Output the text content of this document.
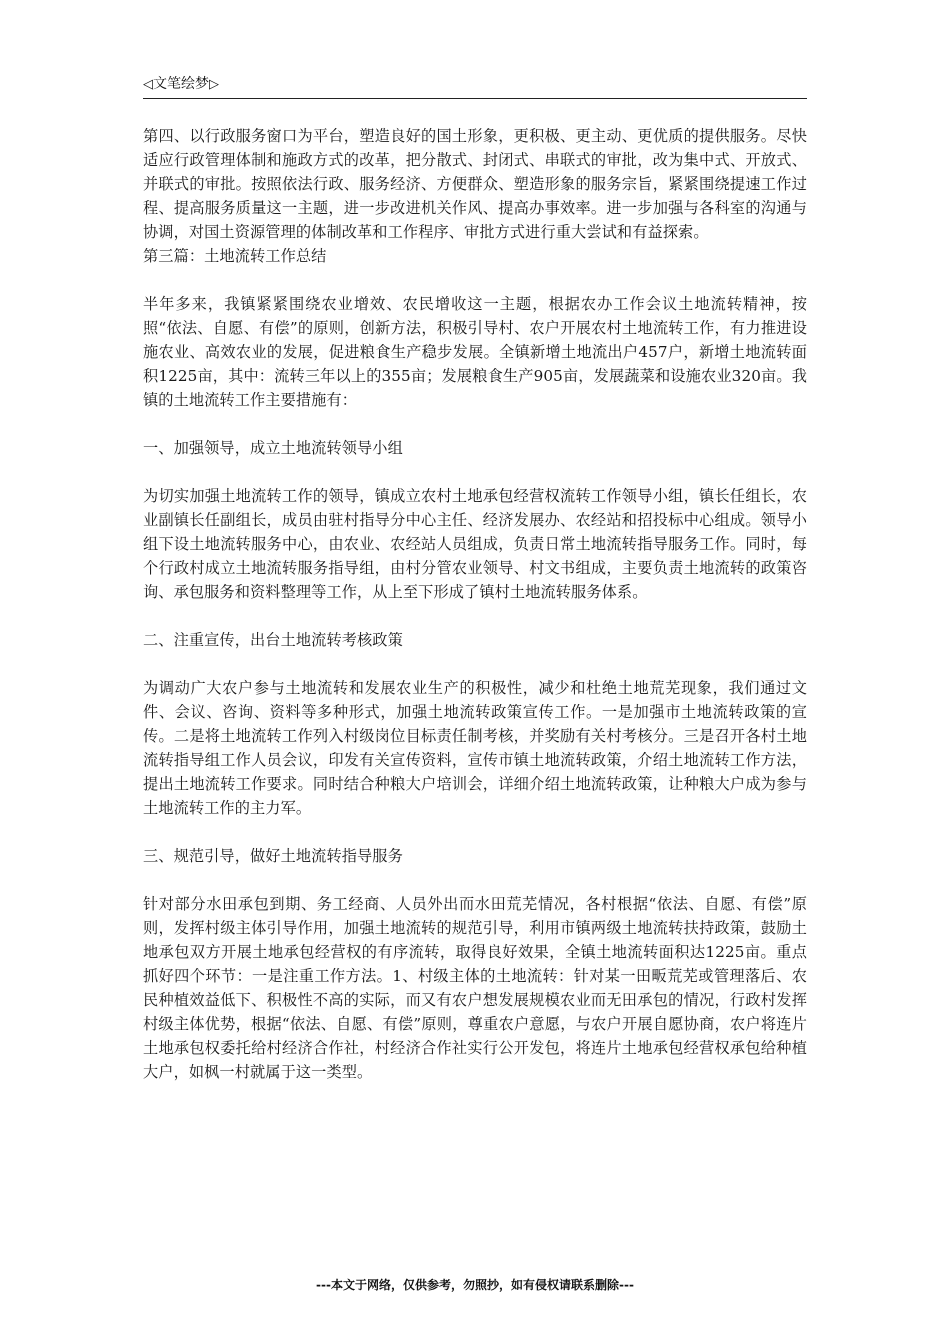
◁文笔绘梦▷

第四、以行政服务窗口为平台，塑造良好的国土形象，更积极、更主动、更优质的提供服务。尽快适应行政管理体制和施政方式的改革，把分散式、封闭式、串联式的审批，改为集中式、开放式、并联式的审批。按照依法行政、服务经济、方便群众、塑造形象的服务宗旨，紧紧围绕提速工作过程、提高服务质量这一主题，进一步改进机关作风、提高办事效率。进一步加强与各科室的沟通与协调，对国土资源管理的体制改革和工作程序、审批方式进行重大尝试和有益探索。

第三篇：土地流转工作总结

半年多来，我镇紧紧围绕农业增效、农民增收这一主题，根据农办工作会议土地流转精神，按照“依法、自愿、有偿”的原则，创新方法，积极引导村、农户开展农村土地流转工作，有力推进设施农业、高效农业的发展，促进粮食生产稳步发展。全镇新增土地流出户457户，新增土地流转面积1225亩，其中：流转三年以上的355亩；发展粮食生产905亩，发展蔬菜和设施农业320亩。我镇的土地流转工作主要措施有：

一、加强领导，成立土地流转领导小组

为切实加强土地流转工作的领导，镇成立农村土地承包经营权流转工作领导小组，镇长任组长，农业副镇长任副组长，成员由驻村指导分中心主任、经济发展办、农经站和招投标中心组成。领导小组下设土地流转服务中心，由农业、农经站人员组成，负责日常土地流转指导服务工作。同时，每个行政村成立土地流转服务指导组，由村分管农业领导、村文书组成，主要负责土地流转的政策咨询、承包服务和资料整理等工作，从上至下形成了镇村土地流转服务体系。

二、注重宣传，出台土地流转考核政策

为调动广大农户参与土地流转和发展农业生产的积极性，减少和杜绝土地荒芜现象，我们通过文件、会议、咨询、资料等多种形式，加强土地流转政策宣传工作。一是加强市土地流转政策的宣传。二是将土地流转工作列入村级岗位目标责任制考核，并奖励有关村考核分。三是召开各村土地流转指导组工作人员会议，印发有关宣传资料，宣传市镇土地流转政策，介绍土地流转工作方法，提出土地流转工作要求。同时结合种粮大户培训会，详细介绍土地流转政策，让种粮大户成为参与土地流转工作的主力军。

三、规范引导，做好土地流转指导服务

针对部分水田承包到期、务工经商、人员外出而水田荒芜情况，各村根据“依法、自愿、有偿”原则，发挥村级主体引导作用，加强土地流转的规范引导，利用市镇两级土地流转扶持政策，鼓励土地承包双方开展土地承包经营权的有序流转，取得良好效果，全镇土地流转面积达1225亩。重点抓好四个环节：一是注重工作方法。1、村级主体的土地流转：针对某一田畈荒芜或管理落后、农民种植效益低下、积极性不高的实际，而又有农户想发展规模农业而无田承包的情况，行政村发挥村级主体优势，根据“依法、自愿、有偿”原则，尊重农户意愿，与农户开展自愿协商，农户将连片土地承包权委托给村经济合作社，村经济合作社实行公开发包，将连片土地承包经营权承包给种植大户，如枫一村就属于这一类型。

---本文于网络，仅供参考，勿照抄，如有侵权请联系删除---
